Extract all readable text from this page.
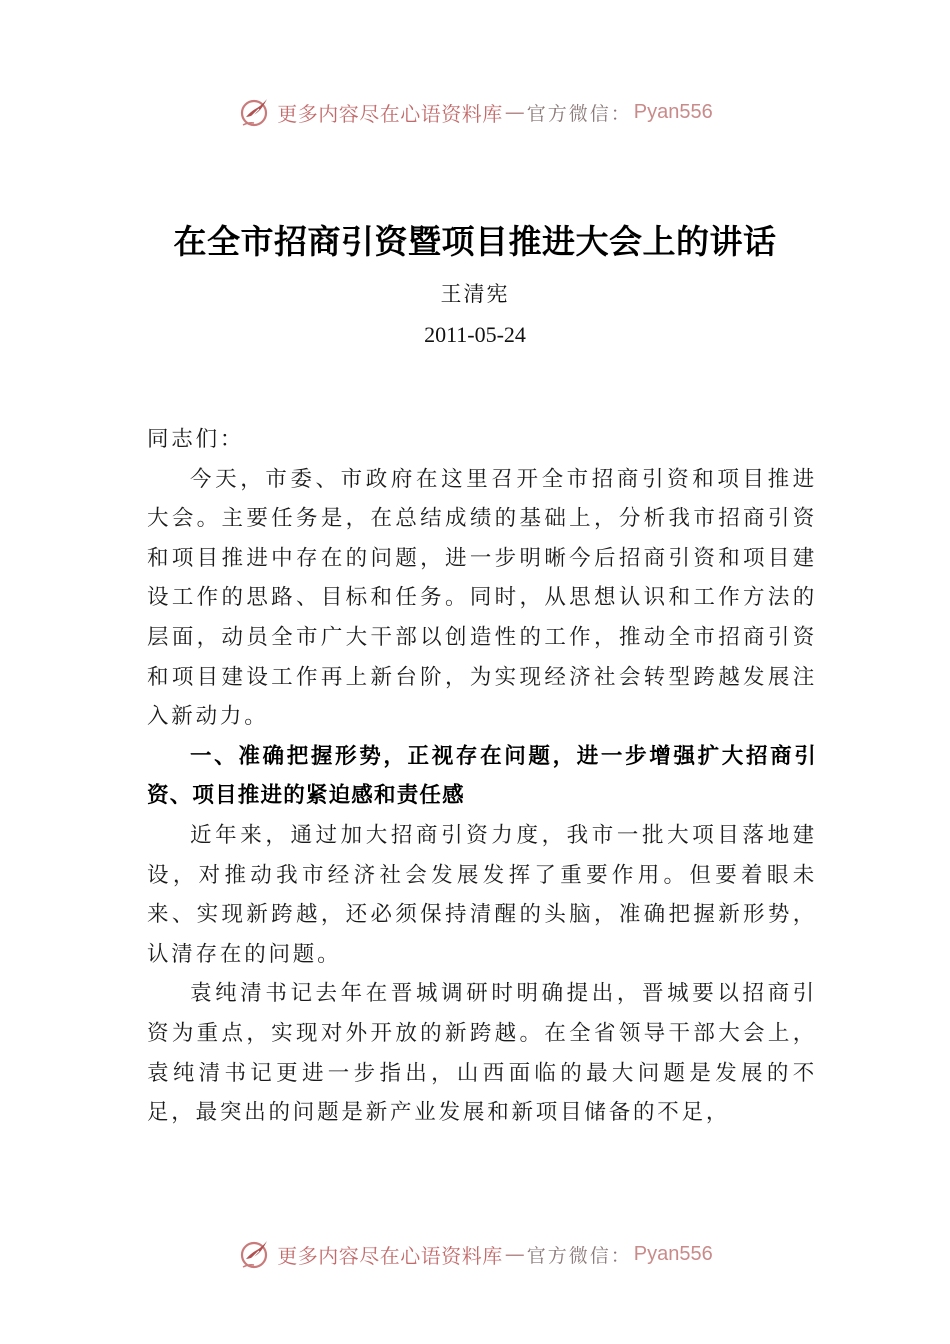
更多内容尽在心语资料库 — 官方微信： Pyan556
在全市招商引资暨项目推进大会上的讲话
王清宪
2011-05-24

同志们：

今天，市委、市政府在这里召开全市招商引资和项目推进大会。主要任务是，在总结成绩的基础上，分析我市招商引资和项目推进中存在的问题，进一步明晰今后招商引资和项目建设工作的思路、目标和任务。同时，从思想认识和工作方法的层面，动员全市广大干部以创造性的工作，推动全市招商引资和项目建设工作再上新台阶，为实现经济社会转型跨越发展注入新动力。

一、准确把握形势，正视存在问题，进一步增强扩大招商引资、项目推进的紧迫感和责任感

近年来，通过加大招商引资力度，我市一批大项目落地建设，对推动我市经济社会发展发挥了重要作用。但要着眼未来、实现新跨越，还必须保持清醒的头脑，准确把握新形势，认清存在的问题。

袁纯清书记去年在晋城调研时明确提出，晋城要以招商引资为重点，实现对外开放的新跨越。在全省领导干部大会上，袁纯清书记更进一步指出，山西面临的最大问题是发展的不足，最突出的问题是新产业发展和新项目储备的不足，

更多内容尽在心语资料库 — 官方微信： Pyan556
